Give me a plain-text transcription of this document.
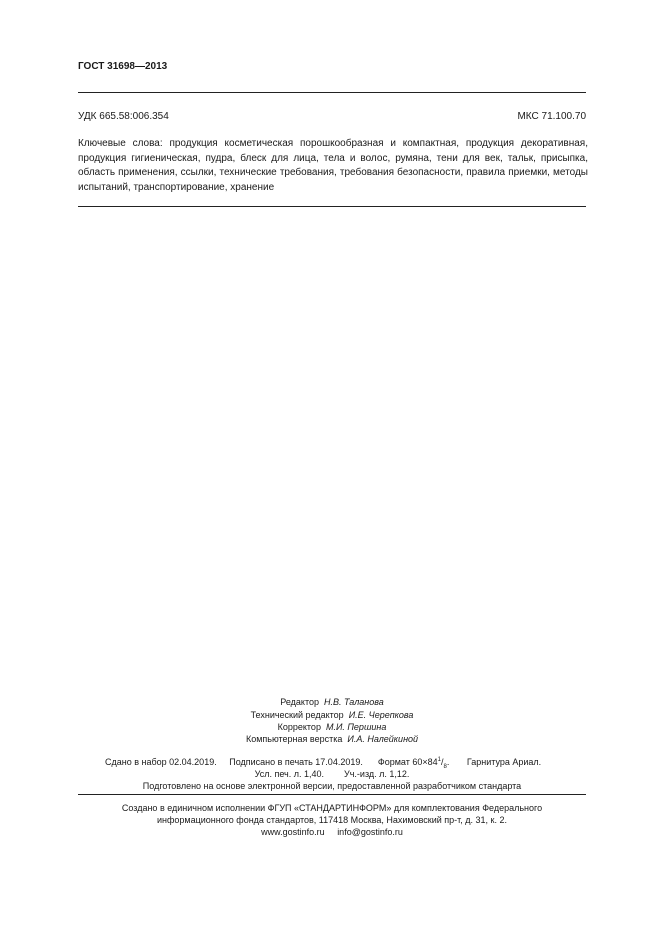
ГОСТ 31698—2013
УДК 665.58:006.354	МКС 71.100.70
Ключевые слова: продукция косметическая порошкообразная и компактная, продукция декоративная, продукция гигиеническая, пудра, блеск для лица, тела и волос, румяна, тени для век, тальк, присыпка, область применения, ссылки, технические требования, требования безопасности, правила приемки, методы испытаний, транспортирование, хранение
Редактор Н.В. Таланова
Технический редактор И.Е. Черепкова
Корректор М.И. Першина
Компьютерная верстка И.А. Налейкиной
Сдано в набор 02.04.2019. Подписано в печать 17.04.2019. Формат $60\times 84^1/_8$. Гарнитура Ариал.
Усл. печ. л. 1,40. Уч.-изд. л. 1,12.
Подготовлено на основе электронной версии, предоставленной разработчиком стандарта
Создано в единичном исполнении ФГУП «СТАНДАРТИНФОРМ» для комплектования Федерального
информационного фонда стандартов, 117418 Москва, Нахимовский пр-т, д. 31, к. 2.
www.gostinfo.ru info@gostinfo.ru
